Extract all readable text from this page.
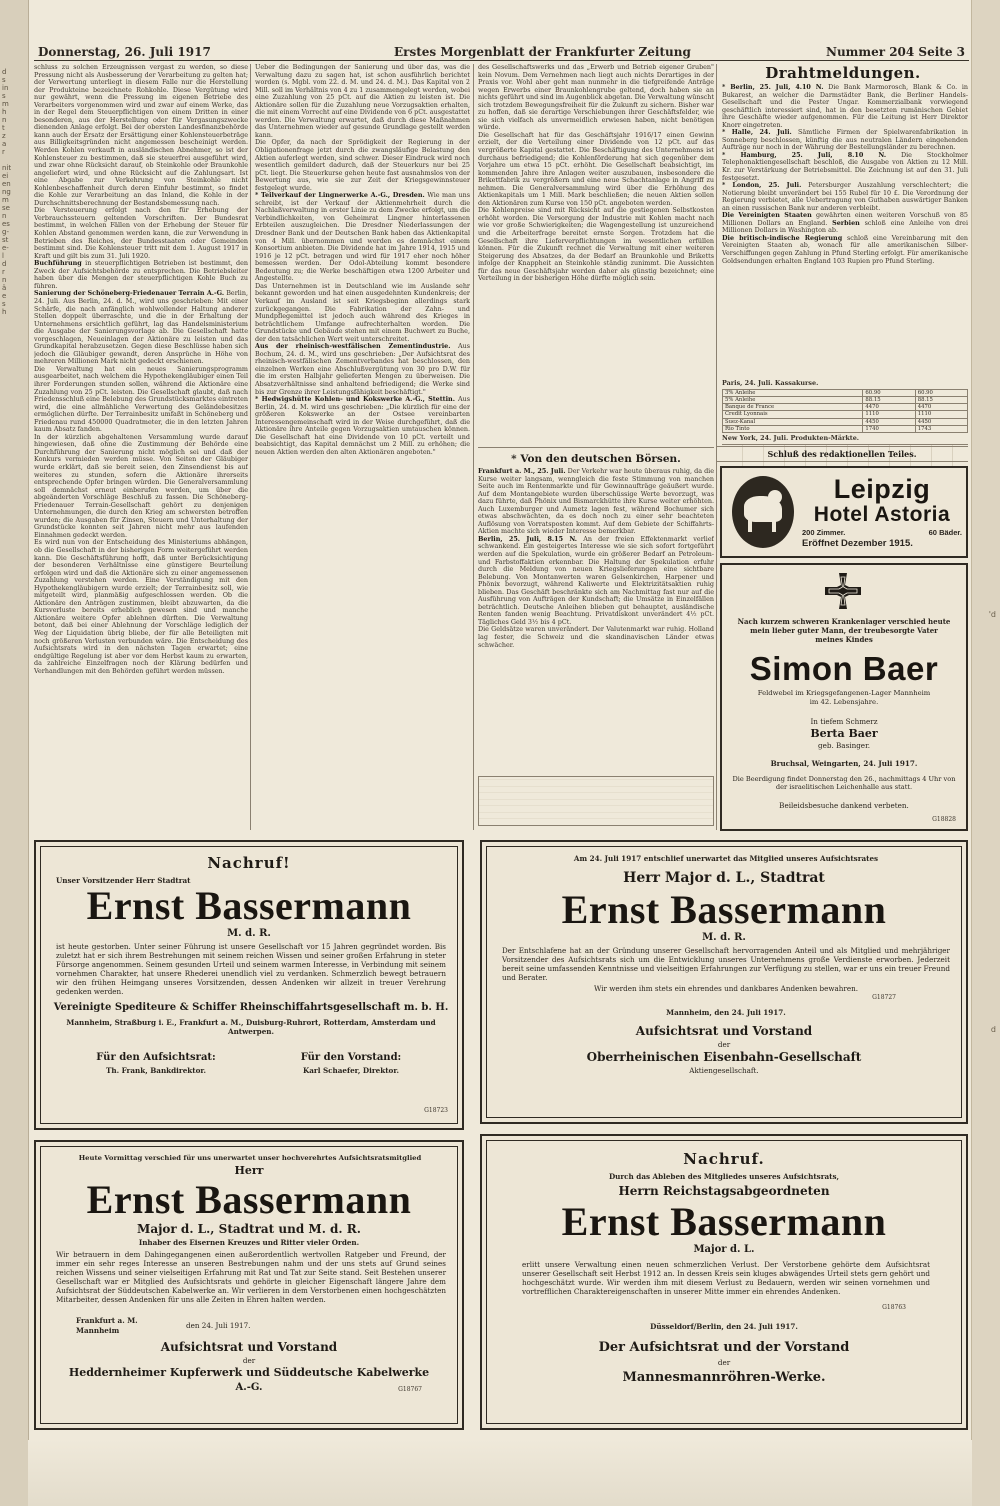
d
s
in
s
m
h
n
t
z
a
r

nit
ei
en
ng
m
se
n
es
g-
st
e-
l
d
r
n
ä
e
s
h

'd
d
Donnerstag, 26. Juli 1917	Erstes Morgenblatt der Frankfurter Zeitung	Nummer 204 Seite 3

schluss zu solchen Erzeugnissen vergast zu werden, so diese Pressung nicht als Ausbesserung der Verarbeitung zu gelten hat; der Verwertung unterliegt in diesem Falle nur die Herstellung der Produkteine bezeichnete Rohkohle. Diese Vergütung wird nur gewährt, wenn die Pressung im eigenen Betriebe des Verarbeiters vorgenommen wird und zwar auf einem Werke, das in der Regel dem Steuerpflichtigen von einem Dritten in einer besonderen, aus der Herstellung oder für Vergasungszwecke dienenden Anlage erfolgt. Bei der obersten Landesfinanzbehörde kann auch der Ersatz der Ersättigung einer Kohlensteuerbeträge aus Billigkeitsgründen nicht angemessen bescheinigt werden. Werden Kohlen verkauft in ausländischen Abnehmer, so ist der Kohlensteuer zu bestimmen, daß sie steuerfrei ausgeführt wird, und zwar ohne Rücksicht darauf, ob Steinkohle oder Braunkohle angeliefert wird, und ohne Rücksicht auf die Zahlungsart. Ist eine Abgabe zur Verkehrung von Steinkohle nicht Kohlenbeschaffenheit durch deren Einfuhr bestimmt, so findet die Kohle zur Verarbeitung an das Inland, die Kohle in der Durchschnittsberechnung der Bestandsbemessung nach.

Die Versteuerung erfolgt nach den für Erhebung der Verbrauchssteuern geltenden Vorschriften. Der Bundesrat bestimmt, in welchen Fällen von der Erhebung der Steuer für Kohlen Abstand genommen werden kann, die zur Verwendung in Betrieben des Reiches, der Bundesstaaten oder Gemeinden bestimmt sind. Die Kohlensteuer tritt mit dem 1. August 1917 in Kraft und gilt bis zum 31. Juli 1920.

Buchführung in steuerpflichtigen Betrieben ist bestimmt, den Zweck der Aufsichtsbehörde zu entsprechen. Die Betriebsleiter haben über die Mengen der steuerpflichtigen Kohle Buch zu führen.

Sanierung der Schöneberg-Friedenauer Terrain A.-G. Berlin, 24. Juli. Aus Berlin, 24. d. M., wird uns geschrieben: Mit einer Schärfe, die nach anfänglich wohlwollender Haltung anderer Stellen doppelt überraschte, und die in der Erhaltung der Unternehmens ersichtlich geführt, lag das Handelsministerium die Ausgabe der Sanierungsvorlage ab. Die Gesellschaft hatte vorgeschlagen, Neueinlagen der Aktionäre zu leisten und das Grundkapital herabzusetzen. Gegen diese Beschlüsse haben sich jedoch die Gläubiger gewandt, deren Ansprüche in Höhe von mehreren Millionen Mark nicht gedeckt erschienen.

Die Verwaltung hat ein neues Sanierungsprogramm ausgearbeitet, nach welchem die Hypothekengläubiger einen Teil ihrer Forderungen stunden sollen, während die Aktionäre eine Zuzahlung von 25 pCt. leisten. Die Gesellschaft glaubt, daß nach Friedensschluß eine Belebung des Grundstücksmarktes eintreten wird, die eine allmähliche Verwertung des Geländebesitzes ermöglichen dürfte. Der Terrainbesitz umfaßt in Schöneberg und Friedenau rund 450000 Quadratmeter, die in den letzten Jahren kaum Absatz fanden.

In der kürzlich abgehaltenen Versammlung wurde darauf hingewiesen, daß ohne die Zustimmung der Behörde eine Durchführung der Sanierung nicht möglich sei und daß der Konkurs vermieden werden müsse. Von Seiten der Gläubiger wurde erklärt, daß sie bereit seien, den Zinsendienst bis auf weiteres zu stunden, sofern die Aktionäre ihrerseits entsprechende Opfer bringen würden. Die Generalversammlung soll demnächst erneut einberufen werden, um über die abgeänderten Vorschläge Beschluß zu fassen. Die Schöneberg-Friedenauer Terrain-Gesellschaft gehört zu denjenigen Unternehmungen, die durch den Krieg am schwersten betroffen wurden; die Ausgaben für Zinsen, Steuern und Unterhaltung der Grundstücke konnten seit Jahren nicht mehr aus laufenden Einnahmen gedeckt werden.

Es wird nun von der Entscheidung des Ministeriums abhängen, ob die Gesellschaft in der bisherigen Form weitergeführt werden kann. Die Geschäftsführung hofft, daß unter Berücksichtigung der besonderen Verhältnisse eine günstigere Beurteilung erfolgen wird und daß die Aktionäre sich zu einer angemessenen Zuzahlung verstehen werden. Eine Verständigung mit den Hypothekengläubigern wurde erzielt; der Terrainbesitz soll, wie mitgeteilt wird, planmäßig aufgeschlossen werden. Ob die Aktionäre den Anträgen zustimmen, bleibt abzuwarten, da die Kursverluste bereits erheblich gewesen sind und manche Aktionäre weitere Opfer ablehnen dürften. Die Verwaltung betont, daß bei einer Ablehnung der Vorschläge lediglich der Weg der Liquidation übrig bliebe, der für alle Beteiligten mit noch größeren Verlusten verbunden wäre. Die Entscheidung des Aufsichtsrats wird in den nächsten Tagen erwartet; eine endgültige Regelung ist aber vor dem Herbst kaum zu erwarten, da zahlreiche Einzelfragen noch der Klärung bedürfen und Verhandlungen mit den Behörden geführt werden müssen.

Ueber die Bedingungen der Sanierung und über das, was die Verwaltung dazu zu sagen hat, ist schon ausführlich berichtet worden (s. Mgbl. vom 22. d. M. und 24. d. M.). Das Kapital von 2 Mill. soll im Verhältnis von 4 zu 1 zusammengelegt werden, wobei eine Zuzahlung von 25 pCt. auf die Aktien zu leisten ist. Die Aktionäre sollen für die Zuzahlung neue Vorzugsaktien erhalten, die mit einem Vorrecht auf eine Dividende von 6 pCt. ausgestattet werden. Die Verwaltung erwartet, daß durch diese Maßnahmen das Unternehmen wieder auf gesunde Grundlage gestellt werden kann.

Die Opfer, da nach der Sprödigkeit der Regierung in der Obligationenfrage jetzt durch die zwangsläufige Belastung den Aktien auferlegt werden, sind schwer. Dieser Eindruck wird noch wesentlich gemildert dadurch, daß der Steuerkurs nur bei 25 pCt. liegt. Die Steuerkurse gehen heute fast ausnahmslos von der Bewertung aus, wie sie zur Zeit der Kriegsgewinnsteuer festgelegt wurde.

* Teilverkauf der Lingnerwerke A.-G., Dresden. Wie man uns schreibt, ist der Verkauf der Aktienmehrheit durch die Nachlaßverwaltung in erster Linie zu dem Zwecke erfolgt, um die Verbindlichkeiten, von Geheimrat Lingner hinterlassenen Erbteilen auszugleichen. Die Dresdner Niederlassungen der Dresdner Bank und der Deutschen Bank haben das Aktienkapital von 4 Mill. übernommen und werden es demnächst einem Konsortium anbieten. Die Dividende hat im Jahre 1914, 1915 und 1916 je 12 pCt. betragen und wird für 1917 eher noch höher bemessen werden. Der Odol-Abteilung kommt besondere Bedeutung zu; die Werke beschäftigen etwa 1200 Arbeiter und Angestellte.

Das Unternehmen ist in Deutschland wie im Auslande sehr bekannt geworden und hat einen ausgedehnten Kundenkreis; der Verkauf im Ausland ist seit Kriegsbeginn allerdings stark zurückgegangen. Die Fabrikation der Zahn- und Mundpflegemittel ist jedoch auch während des Krieges in beträchtlichem Umfange aufrechterhalten worden. Die Grundstücke und Gebäude stehen mit einem Buchwert zu Buche, der den tatsächlichen Wert weit unterschreitet.

Aus der rheinisch-westfälischen Zementindustrie. Aus Bochum, 24. d. M., wird uns geschrieben: „Der Aufsichtsrat des rheinisch-westfälischen Zementverbandes hat beschlossen, den einzelnen Werken eine Abschlußvergütung von 30 pro D.W. für die im ersten Halbjahr gelieferten Mengen zu überweisen. Die Absatzverhältnisse sind anhaltend befriedigend; die Werke sind bis zur Grenze ihrer Leistungsfähigkeit beschäftigt."

* Hedwigshütte Kohlen- und Kokswerke A.-G., Stettin. Aus Berlin, 24. d. M. wird uns geschrieben: „Die kürzlich für eine der größeren Kokswerke an der Ostsee vereinbarten Interessengemeinschaft wird in der Weise durchgeführt, daß die Aktionäre ihre Anteile gegen Vorzugsaktien umtauschen können. Die Gesellschaft hat eine Dividende von 10 pCt. verteilt und beabsichtigt, das Kapital demnächst um 2 Mill. zu erhöhen; die neuen Aktien werden den alten Aktionären angeboten."

des Gesellschaftswerks und das „Erwerb und Betrieb eigener Gruben" kein Novum. Dem Vernehmen nach liegt auch nichts Derartiges in der Praxis vor. Wohl aber geht man nunmehr in die tiefgreifende Anträge wegen Erwerbs einer Braunkohlengrube geltend, doch haben sie an nichts geführt und sind im Augenblick abgetan. Die Verwaltung wünscht sich trotzdem Bewegungsfreiheit für die Zukunft zu sichern. Bisher war zu hoffen, daß sie derartige Verschiebungen ihrer Geschäftsfelder, wie sie sich vielfach als unvermeidlich erwiesen haben, nicht benötigen würde.

Die Gesellschaft hat für das Geschäftsjahr 1916/17 einen Gewinn erzielt, der die Verteilung einer Dividende von 12 pCt. auf das vergrößerte Kapital gestattet. Die Beschäftigung des Unternehmens ist durchaus befriedigend; die Kohlenförderung hat sich gegenüber dem Vorjahre um etwa 15 pCt. erhöht. Die Gesellschaft beabsichtigt, im kommenden Jahre ihre Anlagen weiter auszubauen, insbesondere die Brikettfabrik zu vergrößern und eine neue Schachtanlage in Angriff zu nehmen. Die Generalversammlung wird über die Erhöhung des Aktienkapitals um 1 Mill. Mark beschließen; die neuen Aktien sollen den Aktionären zum Kurse von 150 pCt. angeboten werden.

Die Kohlenpreise sind mit Rücksicht auf die gestiegenen Selbstkosten erhöht worden. Die Versorgung der Industrie mit Kohlen macht nach wie vor große Schwierigkeiten; die Wagengestellung ist unzureichend und die Arbeiterfrage bereitet ernste Sorgen. Trotzdem hat die Gesellschaft ihre Lieferverpflichtungen im wesentlichen erfüllen können. Für die Zukunft rechnet die Verwaltung mit einer weiteren Steigerung des Absatzes, da der Bedarf an Braunkohle und Briketts infolge der Knappheit an Steinkohle ständig zunimmt. Die Aussichten für das neue Geschäftsjahr werden daher als günstig bezeichnet; eine Verteilung in der bisherigen Höhe dürfte möglich sein.

Drahtmeldungen.

* Berlin, 25. Juli, 4.10 N. Die Bank Marmorosch, Blank & Co. in Bukarest, an welcher die Darmstädter Bank, die Berliner Handels-Gesellschaft und die Pester Ungar. Kommerzialbank vorwiegend geschäftlich interessiert sind, hat in den besetzten rumänischen Gebiet ihre Geschäfte wieder aufgenommen. Für die Leitung ist Herr Direktor Knorr eingetreten.

* Halle, 24. Juli. Sämtliche Firmen der Spielwarenfabrikation in Sonneberg beschlossen, künftig die aus neutralen Ländern eingehenden Aufträge nur noch in der Währung der Bestellungsländer zu berechnen.

* Hamburg, 25. Juli, 8.10 N. Die Stockholmer Telephonaktiengesellschaft beschloß, die Ausgabe von Aktien zu 12 Mill. Kr. zur Verstärkung der Betriebsmittel. Die Zeichnung ist auf den 31. Juli festgesetzt.

* London, 25. Juli. Petersburger Auszahlung verschlechtert; die Notierung bleibt unverändert bei 155 Rubel für 10 £. Die Verordnung der Regierung verbietet, alle Uebertragung von Guthaben auswärtiger Banken an einen russischen Bank nur anderen verbleibt.

Die Vereinigten Staaten gewährten einen weiteren Vorschuß von 85 Millionen Dollars an England. Serbien schloß eine Anleihe von drei Millionen Dollars in Washington ab.

Die britisch-indische Regierung schloß eine Vereinbarung mit den Vereinigten Staaten ab, wonach für alle amerikanischen Silber-Verschiffungen gegen Zahlung in Pfund Sterling erfolgt. Für amerikanische Goldsendungen erhalten England 103 Rupien pro Pfund Sterling.

Paris, 24. Juli. Kassakurse.
3% Anleihe	60.90	60.90
5% Anleihe	88.15	88.15
Banque de France	4470	4470
Credit Lyonnais	1110	1110
Suez-Kanal	4450	4450
Rio Tinto	1740	1743
New York, 24. Juli. Produkten-Märkte.
* Von den deutschen Börsen.

Frankfurt a. M., 25. Juli. Der Verkehr war heute überaus ruhig, da die Kurse weiter langsam, wenngleich die feste Stimmung von manchen Seite auch im Rentenmarkte und für Gewinnaufträge geäußert wurde. Auf dem Montangebiete wurden überschüssige Werte bevorzugt, was dazu führte, daß Phönix und Bismarckhütte ihre Kurse weiter erhöhten. Auch Luxemburger und Aumetz lagen fest, während Bochumer sich etwas abschwächten, da es doch noch zu einer sehr beachteten Auflösung von Vorratsposten kommt. Auf dem Gebiete der Schiffahrts-Aktien machte sich wieder Interesse bemerkbar.

Berlin, 25. Juli, 8.15 N. An der freien Effektenmarkt verlief schwankend. Ein gesteigertes Interesse wie sie sich sofort fortgeführt werden auf die Spekulation, wurde ein größerer Bedarf an Petroleum- und Farbstoffaktien erkennbar. Die Haltung der Spekulation erfuhr durch die Meldung von neuen Kriegslieferungen eine sichtbare Belebung. Von Montanwerten waren Gelsenkirchen, Harpener und Phönix bevorzugt, während Kaliwerte und Elektrizitätsaktien ruhig blieben. Das Geschäft beschränkte sich am Nachmittag fast nur auf die Ausführung von Aufträgen der Kundschaft; die Umsätze in Einzelfällen beträchtlich. Deutsche Anleihen blieben gut behauptet, ausländische Renten fanden wenig Beachtung. Privatdiskont unverändert 4½ pCt. Tägliches Geld 3½ bis 4 pCt.

Die Geldsätze waren unverändert. Der Valutenmarkt war ruhig. Holland lag fester, die Schweiz und die skandinavischen Länder etwas schwächer.

Schluß des redaktionellen Teiles.
Leipzig
Hotel Astoria
200 Zimmer.	60 Bäder.
Eröffnet Dezember 1915.
Nach kurzem schweren Krankenlager verschied heute mein lieber guter Mann, der treubesorgte Vater meines Kindes
Simon Baer
Feldwebel im Kriegsgefangenen-Lager Mannheim
im 42. Lebensjahre.
In tiefem Schmerz
Berta Baer
geb. Basinger.
Bruchsal, Weingarten, 24. Juli 1917.
Die Beerdigung findet Donnerstag den 26., nachmittags 4 Uhr von der israelitischen Leichenhalle aus statt.
Beileidsbesuche dankend verbeten.
G18828
Nachruf!
Unser Vorsitzender Herr Stadtrat
Ernst Bassermann
M. d. R.
ist heute gestorben. Unter seiner Führung ist unsere Gesellschaft vor 15 Jahren gegründet worden. Bis zuletzt hat er sich ihrem Bestrehungen mit seinem reichen Wissen und seiner großen Erfahrung in steter Fürsorge angenommen. Seinem gesunden Urteil und seinem warmen Interesse, in Verbindung mit seinem vornehmen Charakter, hat unsere Rhederei unendlich viel zu verdanken. Schmerzlich bewegt betrauern wir den frühen Heimgang unseres Vorsitzenden, dessen Andenken wir allzeit in treuer Verehrung gedenken werden.
Vereinigte Spediteure & Schiffer Rheinschiffahrtsgesellschaft m. b. H.
Mannheim, Straßburg i. E., Frankfurt a. M., Duisburg-Ruhrort, Rotterdam, Amsterdam und Antwerpen.
Für den Aufsichtsrat:
Th. Frank, Bankdirektor.
Für den Vorstand:
Karl Schaefer, Direktor.
G18723
Am 24. Juli 1917 entschlief unerwartet das Mitglied unseres Aufsichtsrates
Herr Major d. L., Stadtrat
Ernst Bassermann
M. d. R.
Der Entschlafene hat an der Gründung unserer Gesellschaft hervorragenden Anteil und als Mitglied und mehrjähriger Vorsitzender des Aufsichtsrats sich um die Entwicklung unseres Unternehmens große Verdienste erworben. Jederzeit bereit seine umfassenden Kenntnisse und vielseitigen Erfahrungen zur Verfügung zu stellen, war er uns ein treuer Freund und Berater.
Wir werden ihm stets ein ehrendes und dankbares Andenken bewahren.
G18727
Mannheim, den 24. Juli 1917.
Aufsichtsrat und Vorstand
der
Oberrheinischen Eisenbahn-Gesellschaft
Aktiengesellschaft.
Heute Vormittag verschied für uns unerwartet unser hochverehrtes Aufsichtsratsmitglied
Herr
Ernst Bassermann
Major d. L., Stadtrat und M. d. R.
Inhaber des Eisernen Kreuzes und Ritter vieler Orden.
Wir betrauern in dem Dahingegangenen einen außerordentlich wertvollen Ratgeber und Freund, der immer ein sehr reges Interesse an unseren Bestrebungen nahm und der uns stets auf Grund seines reichen Wissens und seiner vielseitigen Erfahrung mit Rat und Tat zur Seite stand. Seit Bestehen unserer Gesellschaft war er Mitglied des Aufsichtsrats und gehörte in gleicher Eigenschaft längere Jahre dem Aufsichtsrat der Süddeutschen Kabelwerke an. Wir verlieren in dem Verstorbenen einen hochgeschätzten Mitarbeiter, dessen Andenken für uns alle Zeiten in Ehren halten werden.
Frankfurt a. M.
Mannheim
den 24. Juli 1917.
Aufsichtsrat und Vorstand
der
Heddernheimer Kupferwerk und Süddeutsche Kabelwerke
A.-G.	G18767
Nachruf.
Durch das Ableben des Mitgliedes unseres Aufsichtsrats,
Herrn Reichstagsabgeordneten
Ernst Bassermann
Major d. L.
erlitt unsere Verwaltung einen neuen schmerzlichen Verlust. Der Verstorbene gehörte dem Aufsichtsrat unserer Gesellschaft seit Herbst 1912 an. In dessen Kreis sein kluges abwägendes Urteil stets gern gehört und hochgeschätzt wurde. Wir werden ihm mit diesem Verlust zu Bedauern, werden wir seinen vornehmen und vortrefflichen Charaktereigenschaften in unserer Mitte immer ein ehrendes Andenken.
G18763
Düsseldorf/Berlin, den 24. Juli 1917.
Der Aufsichtsrat und der Vorstand
der
Mannesmannröhren-Werke.
